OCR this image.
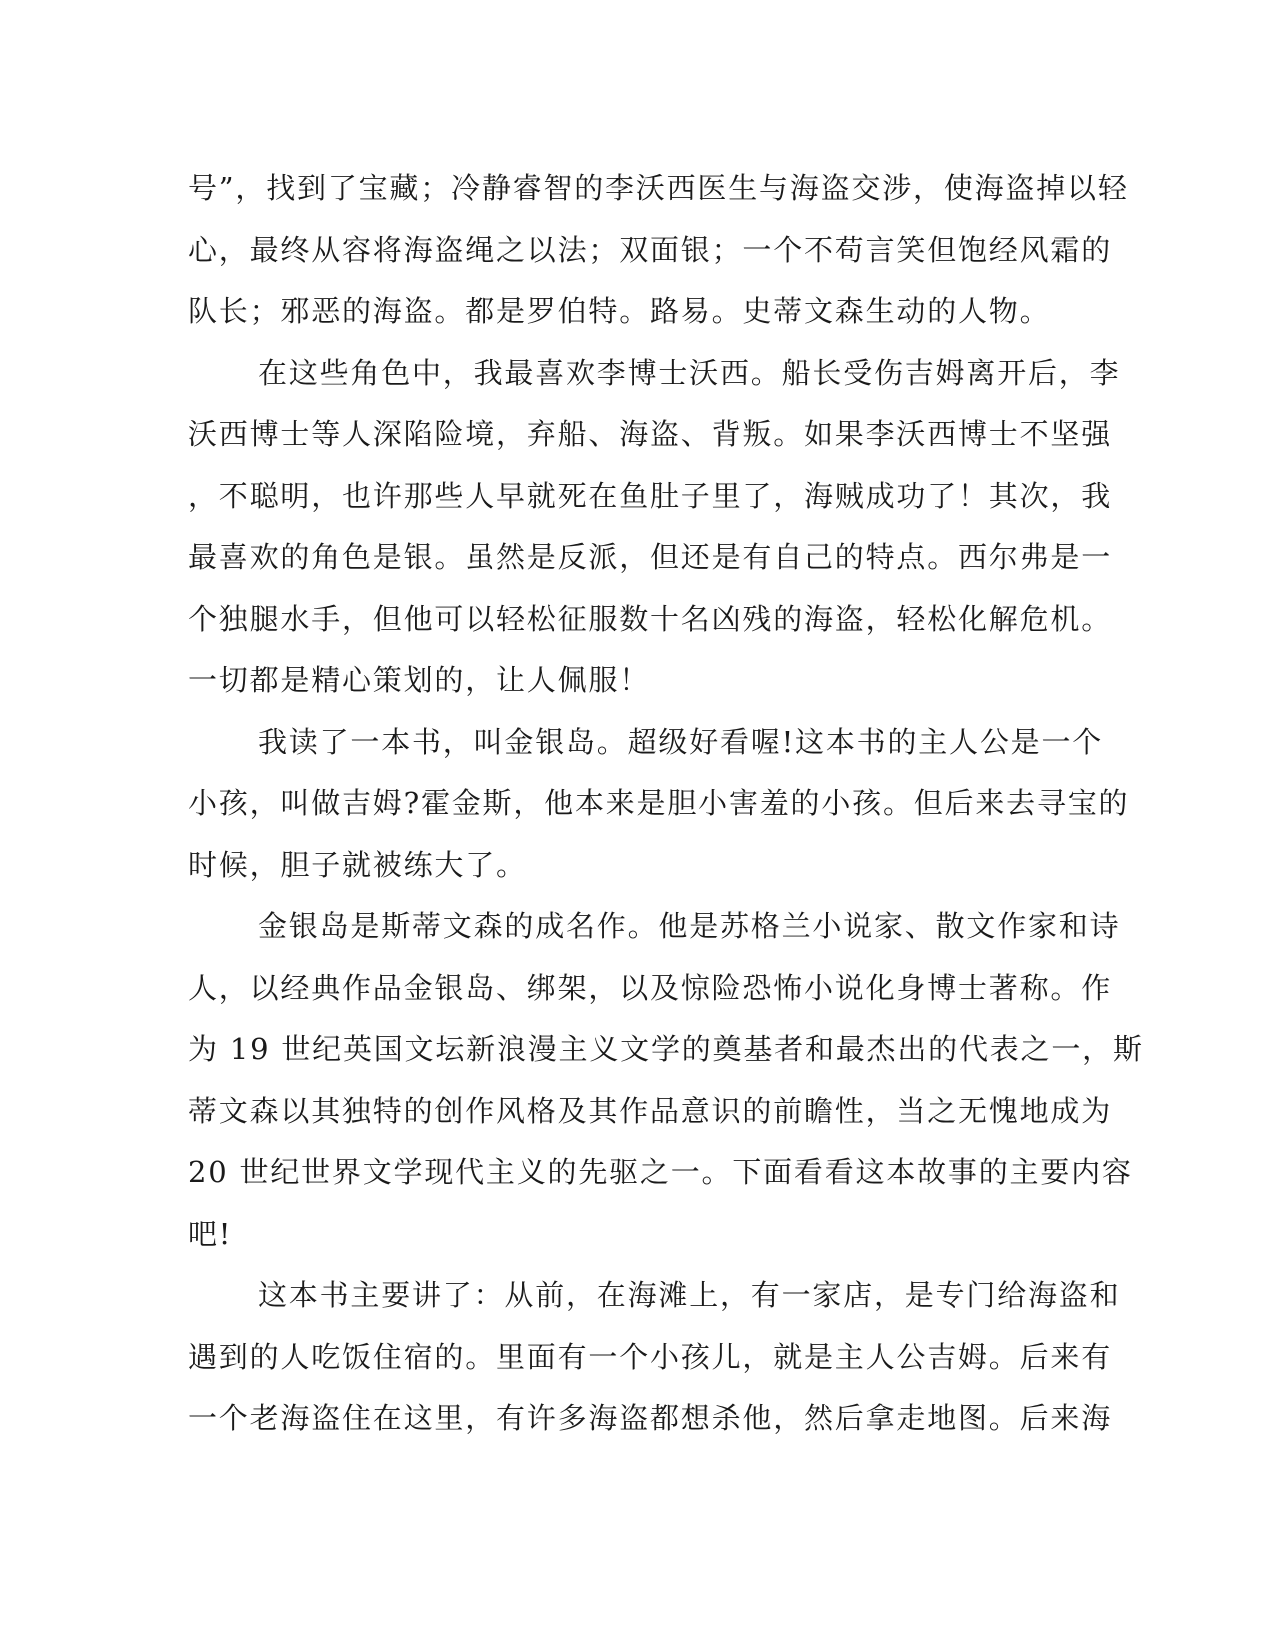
号”，找到了宝藏；冷静睿智的李沃西医生与海盗交涉，使海盗掉以轻
心，最终从容将海盗绳之以法；双面银；一个不苟言笑但饱经风霜的
队长；邪恶的海盗。都是罗伯特。路易。史蒂文森生动的人物。
在这些角色中，我最喜欢李博士沃西。船长受伤吉姆离开后，李
沃西博士等人深陷险境，弃船、海盗、背叛。如果李沃西博士不坚强
，不聪明，也许那些人早就死在鱼肚子里了，海贼成功了！其次，我
最喜欢的角色是银。虽然是反派，但还是有自己的特点。西尔弗是一
个独腿水手，但他可以轻松征服数十名凶残的海盗，轻松化解危机。
一切都是精心策划的，让人佩服！
我读了一本书，叫金银岛。超级好看喔!这本书的主人公是一个
小孩，叫做吉姆?霍金斯，他本来是胆小害羞的小孩。但后来去寻宝的
时候，胆子就被练大了。
金银岛是斯蒂文森的成名作。他是苏格兰小说家、散文作家和诗
人，以经典作品金银岛、绑架，以及惊险恐怖小说化身博士著称。作
为 19 世纪英国文坛新浪漫主义文学的奠基者和最杰出的代表之一，斯
蒂文森以其独特的创作风格及其作品意识的前瞻性，当之无愧地成为
20 世纪世界文学现代主义的先驱之一。下面看看这本故事的主要内容
吧!
这本书主要讲了：从前，在海滩上，有一家店，是专门给海盗和
遇到的人吃饭住宿的。里面有一个小孩儿，就是主人公吉姆。后来有
一个老海盗住在这里，有许多海盗都想杀他，然后拿走地图。后来海
